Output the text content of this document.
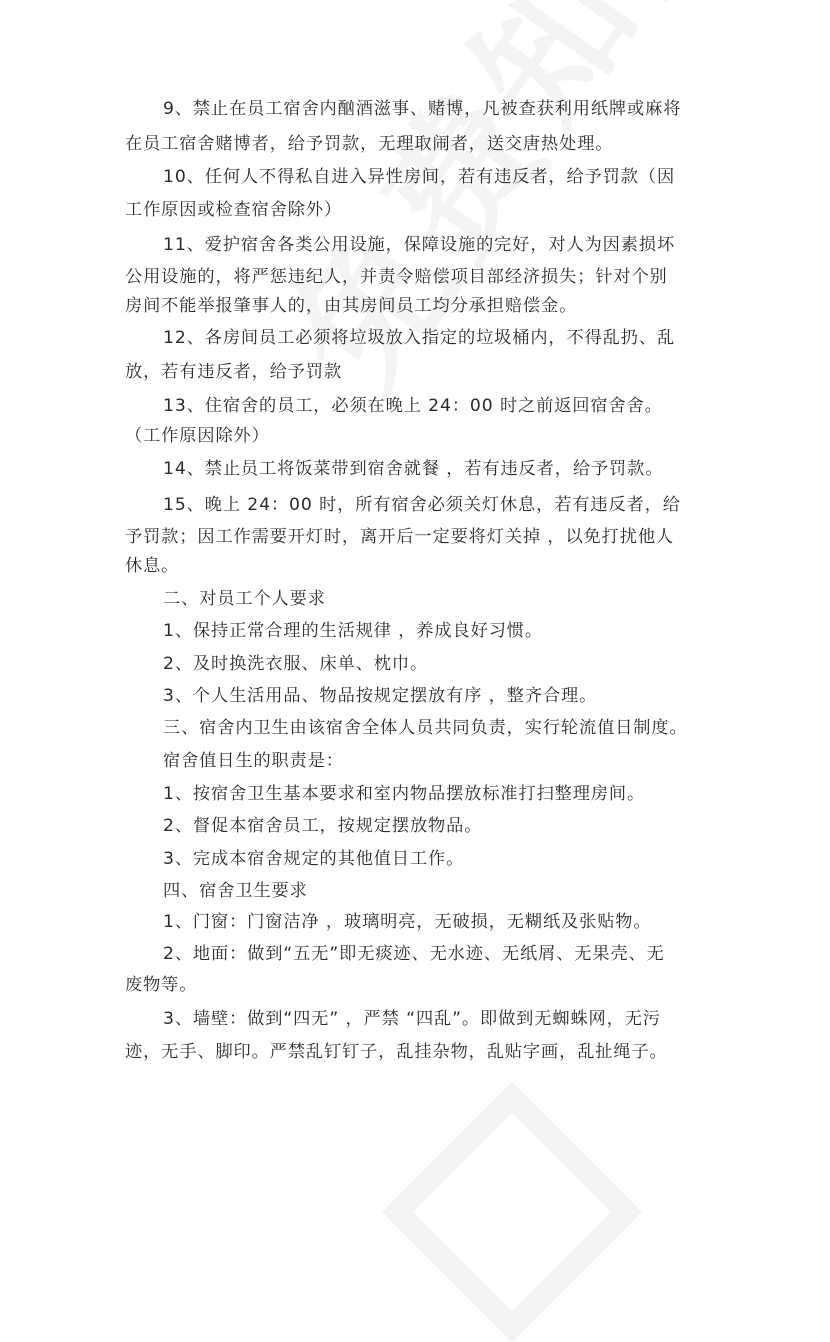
9、禁止在员工宿舍内酗酒滋事、赌博，凡被查获利用纸牌或麻将
在员工宿舍赌博者，给予罚款，无理取闹者，送交唐热处理。
10、任何人不得私自进入异性房间，若有违反者，给予罚款（因
工作原因或检查宿舍除外）
11、爱护宿舍各类公用设施，保障设施的完好，对人为因素损坏
公用设施的，将严惩违纪人，并责令赔偿项目部经济损失；针对个别
房间不能举报肇事人的，由其房间员工均分承担赔偿金。
12、各房间员工必须将垃圾放入指定的垃圾桶内，不得乱扔、乱
放，若有违反者，给予罚款
13、住宿舍的员工，必须在晚上 24：00 时之前返回宿舍舍。
（工作原因除外）
14、禁止员工将饭菜带到宿舍就餐 ，若有违反者，给予罚款。
15、晚上 24：00 时，所有宿舍必须关灯休息，若有违反者，给
予罚款；因工作需要开灯时，离开后一定要将灯关掉 ，以免打扰他人
休息。
二、对员工个人要求
1、保持正常合理的生活规律 ，养成良好习惯。
2、及时换洗衣服、床单、枕巾。
3、个人生活用品、物品按规定摆放有序 ，整齐合理。
三、宿舍内卫生由该宿舍全体人员共同负责，实行轮流值日制度。
宿舍值日生的职责是：
1、按宿舍卫生基本要求和室内物品摆放标准打扫整理房间。
2、督促本宿舍员工，按规定摆放物品。
3、完成本宿舍规定的其他值日工作。
四、宿舍卫生要求
1、门窗：门窗洁净 ，玻璃明亮，无破损，无糊纸及张贴物。
2、地面：做到“五无”即无痰迹、无水迹、无纸屑、无果壳、无
废物等。
3、墙壁：做到“四无” ，严禁 “四乱”。即做到无蜘蛛网，无污
迹，无手、脚印。严禁乱钉钉子，乱挂杂物，乱贴字画，乱扯绳子。
